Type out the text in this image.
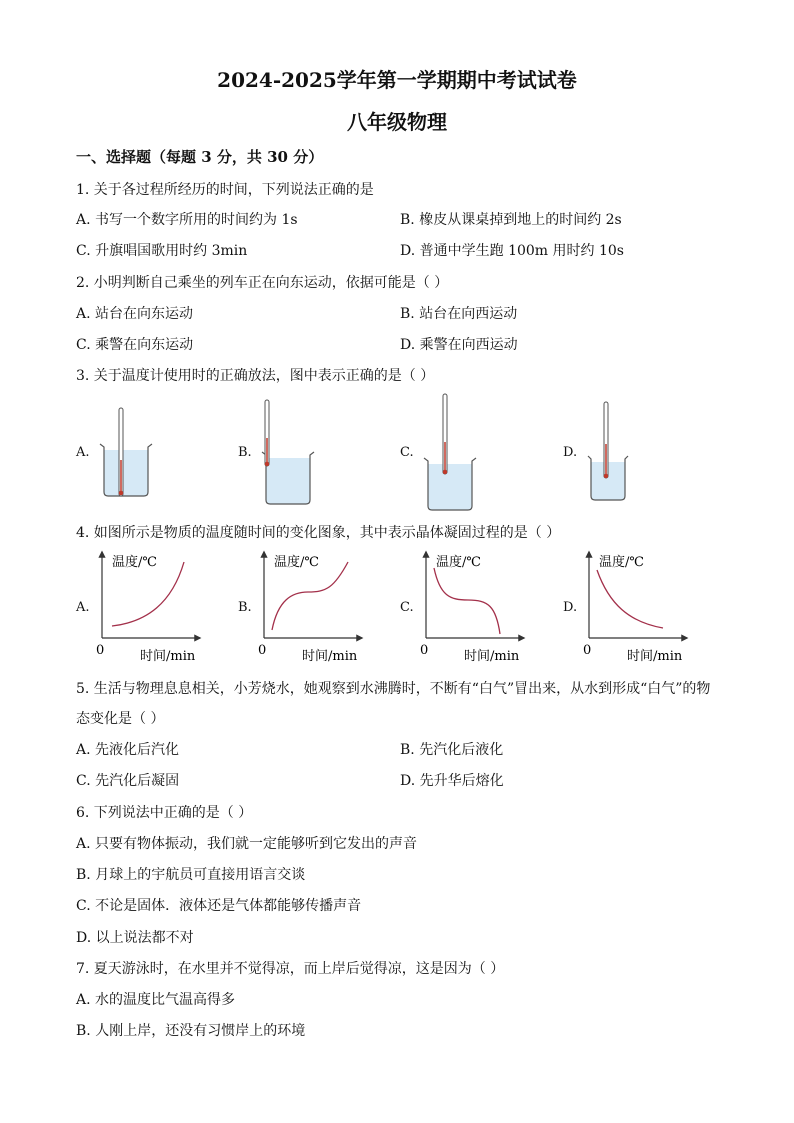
2024-2025学年第一学期期中考试试卷
八年级物理
一、选择题（每题 3 分，共 30 分）
1. 关于各过程所经历的时间，下列说法正确的是
A. 书写一个数字所用的时间约为 1s	B. 橡皮从课桌掉到地上的时间约 2s
C. 升旗唱国歌用时约 3min	D. 普通中学生跑 100m 用时约 10s
2. 小明判断自己乘坐的列车正在向东运动，依据可能是（ ）
A. 站台在向东运动	B. 站台在向西运动
C. 乘警在向东运动	D. 乘警在向西运动
3. 关于温度计使用时的正确放法，图中表示正确的是（ ）
A.	B.	C.	D.
4. 如图所示是物质的温度随时间的变化图象，其中表示晶体凝固过程的是（ ）
A.	B.	C.	D.
温度/℃
时间/min
0
温度/℃
时间/min
0
温度/℃
时间/min
0
温度/℃
时间/min
0
5. 生活与物理息息相关，小芳烧水，她观察到水沸腾时，不断有“白气”冒出来，从水到形成“白气”的物
态变化是（ ）
A. 先液化后汽化	B. 先汽化后液化
C. 先汽化后凝固	D. 先升华后熔化
6. 下列说法中正确的是（ ）
A. 只要有物体振动，我们就一定能够听到它发出的声音
B. 月球上的宇航员可直接用语言交谈
C. 不论是固体．液体还是气体都能够传播声音
D. 以上说法都不对
7. 夏天游泳时，在水里并不觉得凉，而上岸后觉得凉，这是因为（ ）
A. 水的温度比气温高得多
B. 人刚上岸，还没有习惯岸上的环境
